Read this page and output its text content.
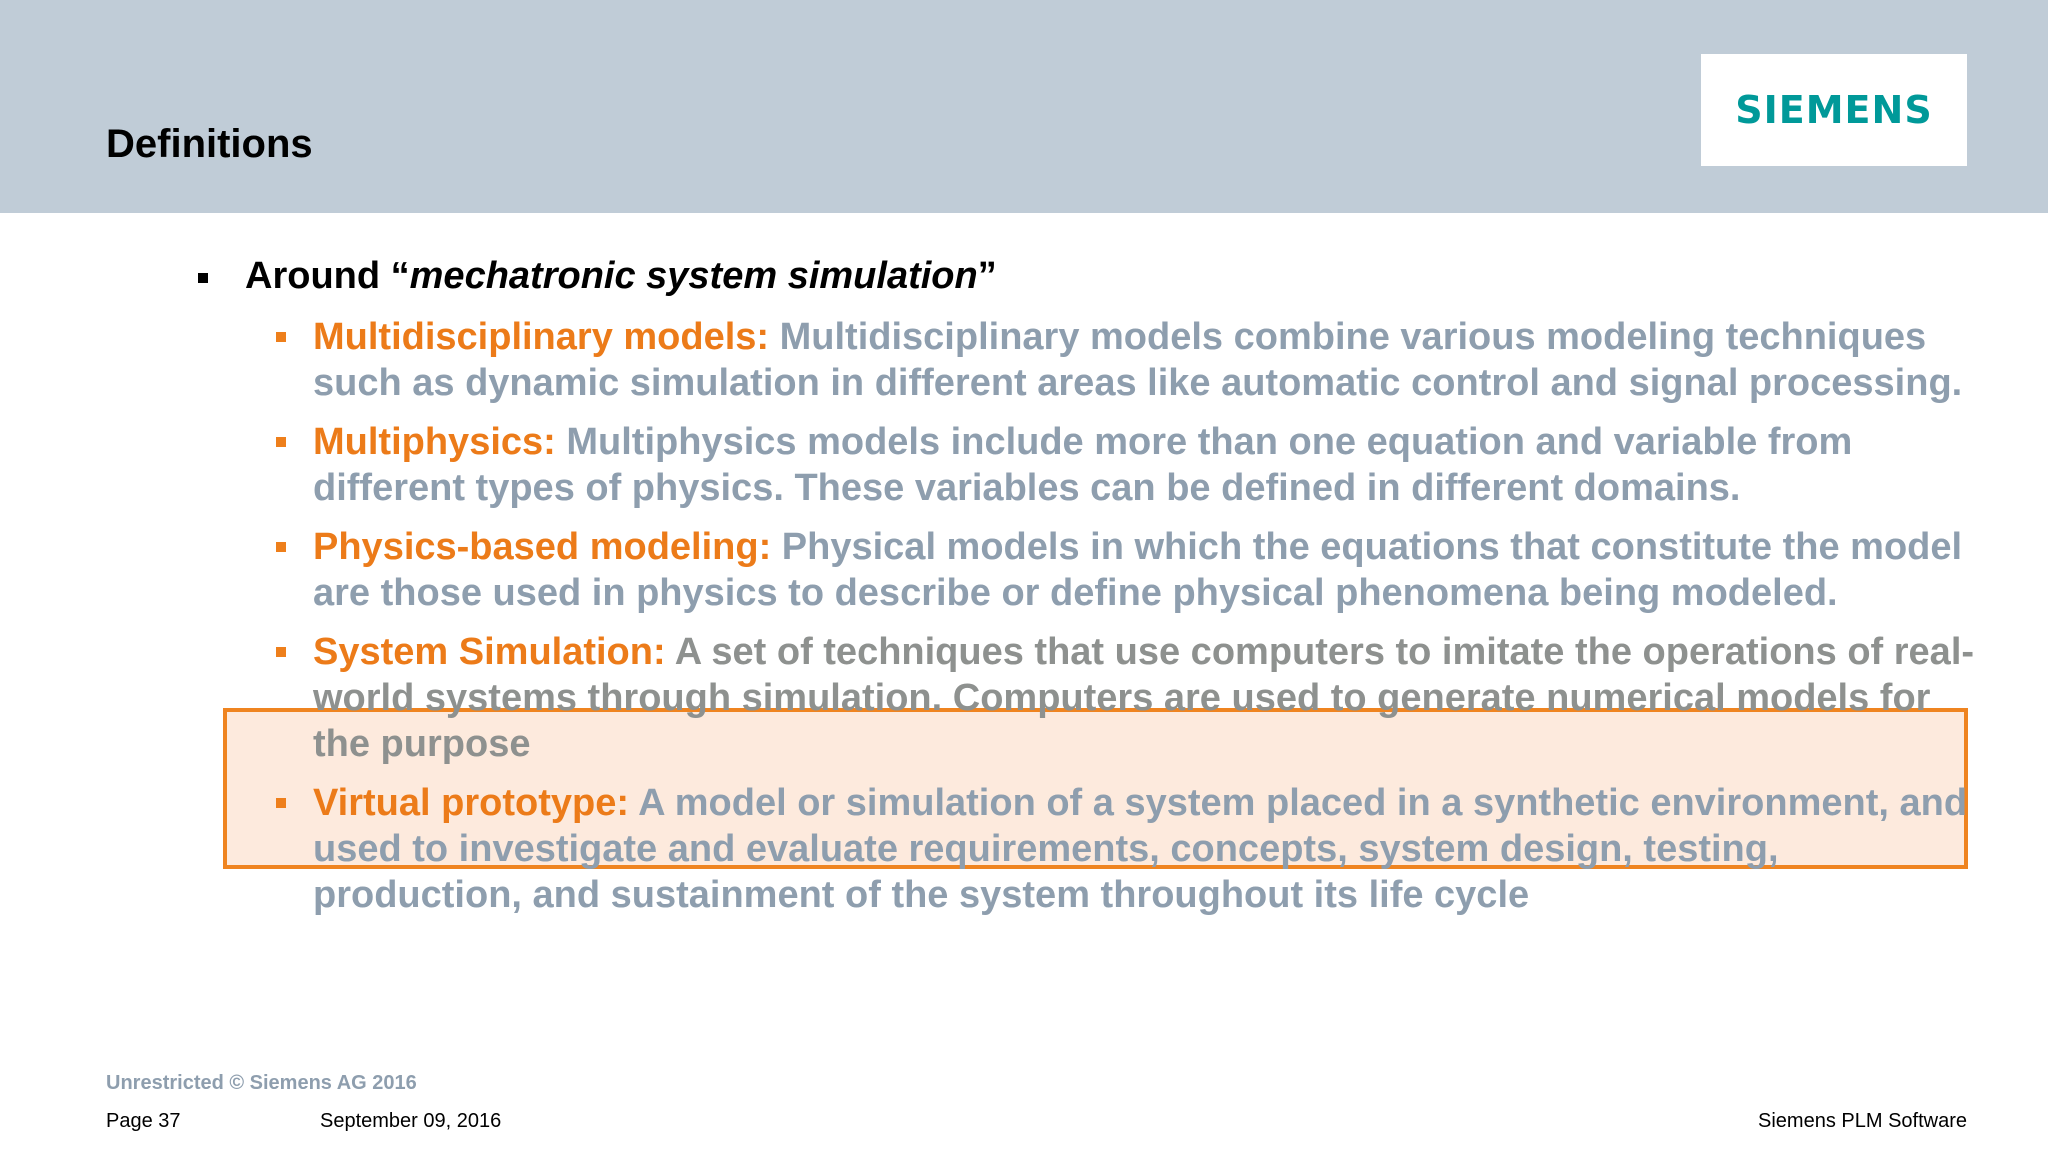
Definitions
SIEMENS
Around “mechatronic system simulation”
Multidisciplinary models: Multidisciplinary models combine various modeling techniques such as dynamic simulation in different areas like automatic control and signal processing.
Multiphysics: Multiphysics models include more than one equation and variable from different types of physics. These variables can be defined in different domains.
Physics-based modeling: Physical models in which the equations that constitute the model are those used in physics to describe or define physical phenomena being modeled.
System Simulation: A set of techniques that use computers to imitate the operations of real-world systems through simulation. Computers are used to generate numerical models for the purpose
Virtual prototype: A model or simulation of a system placed in a synthetic environment, and used to investigate and evaluate requirements, concepts, system design, testing, production, and sustainment of the system throughout its life cycle
Unrestricted © Siemens AG 2016
Page 37	September 09, 2016	Siemens PLM Software
